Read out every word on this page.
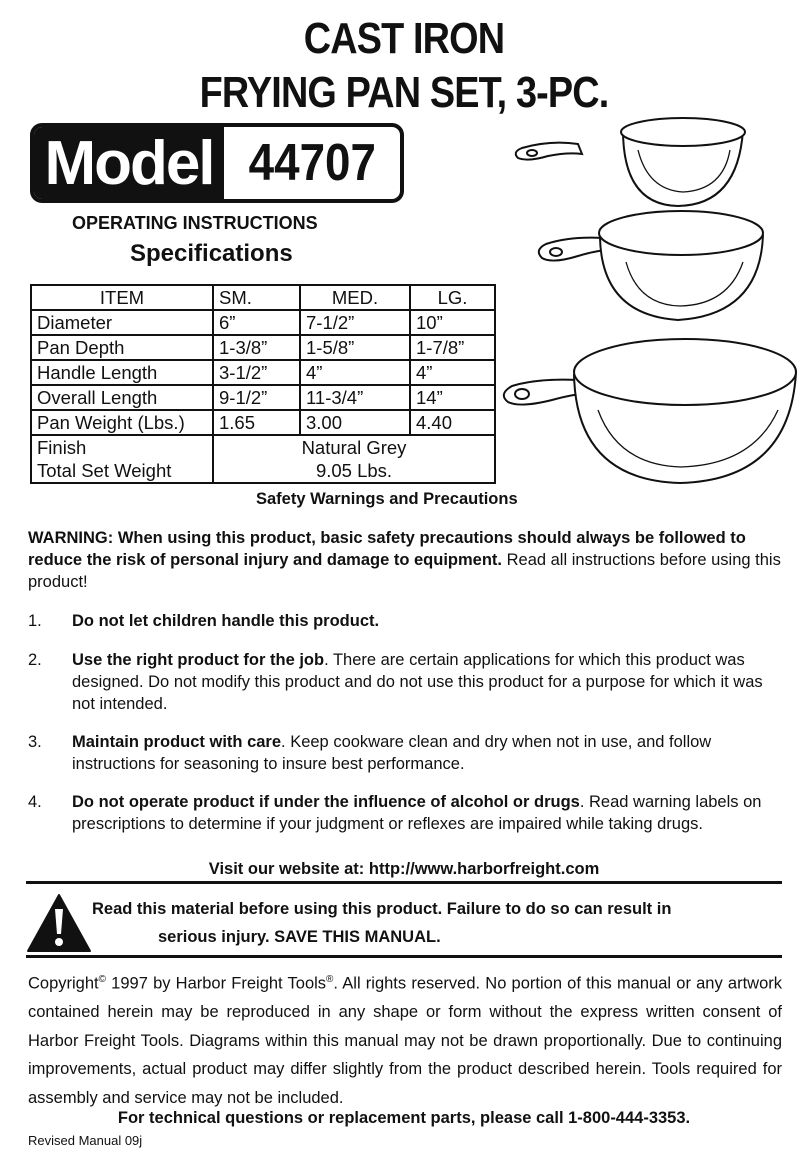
CAST IRON
FRYING PAN SET, 3-PC.
Model 44707
OPERATING INSTRUCTIONS
Specifications
ITEM	SM.	MED.	LG.
Diameter	6”	7-1/2”	10”
Pan Depth	1-3/8”	1-5/8”	1-7/8”
Handle Length	3-1/2”	4”	4”
Overall Length	9-1/2”	11-3/4”	14”
Pan Weight (Lbs.)	1.65	3.00	4.40
Finish	Natural Grey		
Total Set Weight	9.05 Lbs.		
Safety Warnings and Precautions
WARNING: When using this product, basic safety precautions should always be followed to reduce the risk of personal injury and damage to equipment. Read all instructions before using this product!
1. Do not let children handle this product.
2. Use the right product for the job. There are certain applications for which this product was designed. Do not modify this product and do not use this product for a purpose for which it was not intended.
3. Maintain product with care. Keep cookware clean and dry when not in use, and follow instructions for seasoning to insure best performance.
4. Do not operate product if under the influence of alcohol or drugs. Read warning labels on prescriptions to determine if your judgment or reflexes are impaired while taking drugs.
Visit our website at: http://www.harborfreight.com
Read this material before using this product. Failure to do so can result in
serious injury. SAVE THIS MANUAL.
Copyright© 1997 by Harbor Freight Tools®. All rights reserved. No portion of this manual or any artwork contained herein may be reproduced in any shape or form without the express written consent of Harbor Freight Tools. Diagrams within this manual may not be drawn proportionally. Due to continuing improvements, actual product may differ slightly from the product described herein. Tools required for assembly and service may not be included.
For technical questions or replacement parts, please call 1-800-444-3353.
Revised Manual 09j
